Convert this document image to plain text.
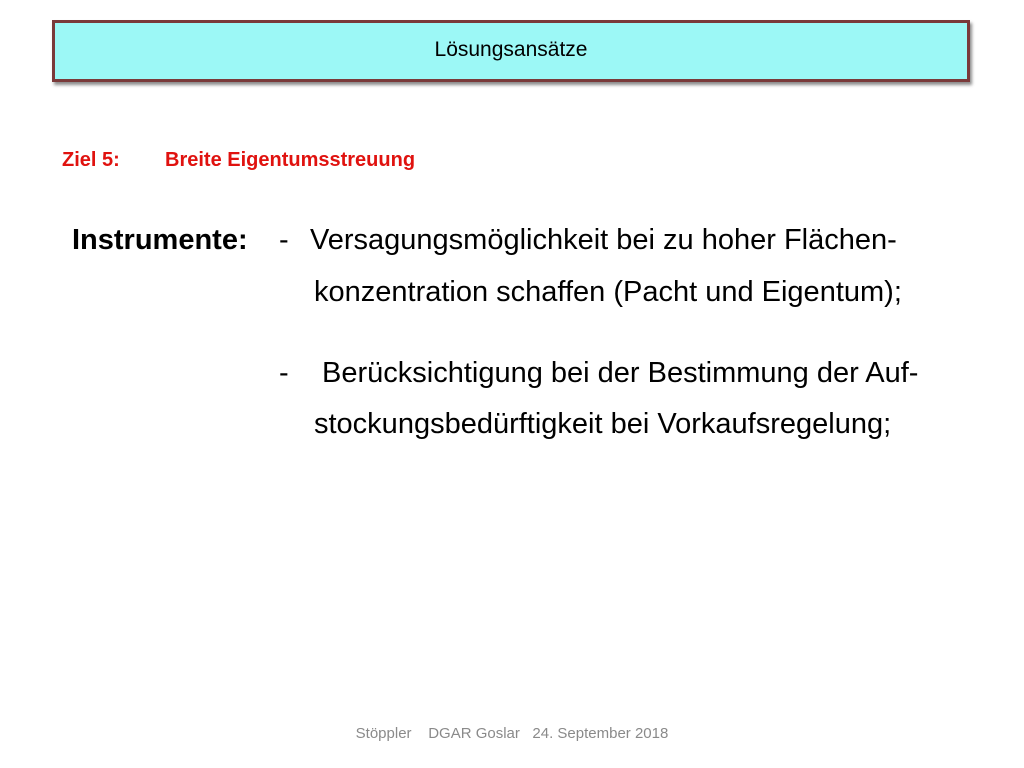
Lösungsansätze
Ziel 5: Breite Eigentumsstreuung
Instrumente: - Versagungsmöglichkeit bei zu hoher Flächen-
konzentration schaffen (Pacht und Eigentum);
- Berücksichtigung bei der Bestimmung der Auf-
stockungsbedürftigkeit bei Vorkaufsregelung;
Stöppler    DGAR Goslar   24. September 2018
